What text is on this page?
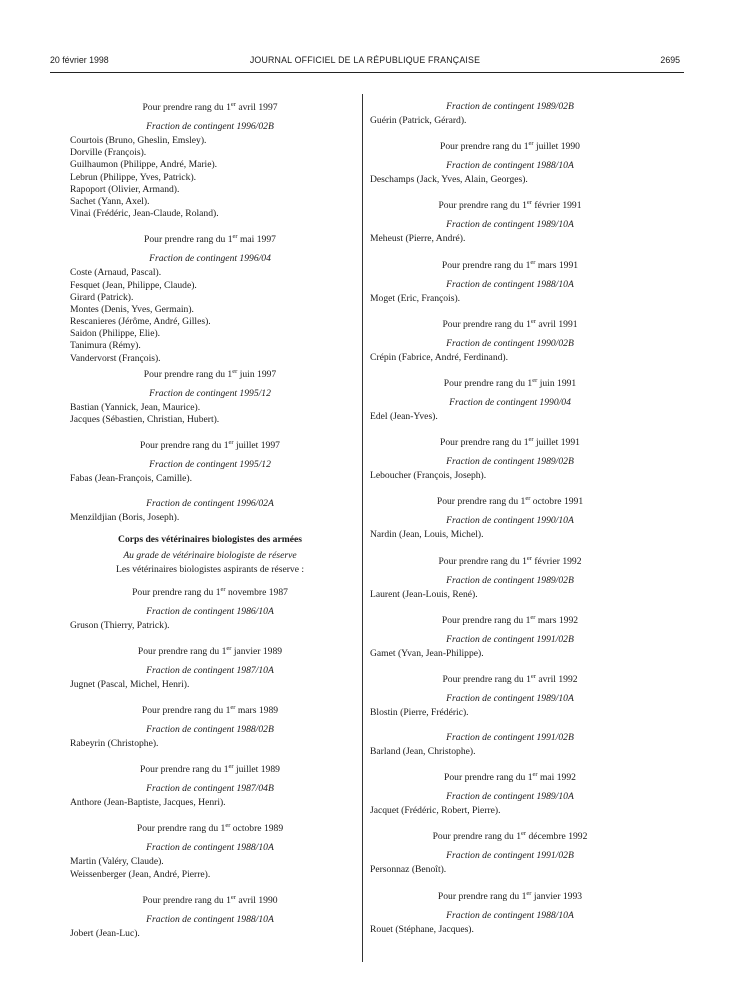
20 février 1998	JOURNAL OFFICIEL DE LA RÉPUBLIQUE FRANÇAISE	2695
Pour prendre rang du 1er avril 1997
Fraction de contingent 1996/02B
Courtois (Bruno, Gheslin, Emsley).
Dorville (François).
Guilhaumon (Philippe, André, Marie).
Lebrun (Philippe, Yves, Patrick).
Rapoport (Olivier, Armand).
Sachet (Yann, Axel).
Vinai (Frédéric, Jean-Claude, Roland).
Pour prendre rang du 1er mai 1997
Fraction de contingent 1996/04
Coste (Arnaud, Pascal).
Fesquet (Jean, Philippe, Claude).
Girard (Patrick).
Montes (Denis, Yves, Germain).
Rescanieres (Jérôme, André, Gilles).
Saidon (Philippe, Elie).
Tanimura (Rémy).
Vandervorst (François).
Pour prendre rang du 1er juin 1997
Fraction de contingent 1995/12
Bastian (Yannick, Jean, Maurice).
Jacques (Sébastien, Christian, Hubert).
Pour prendre rang du 1er juillet 1997
Fraction de contingent 1995/12
Fabas (Jean-François, Camille).
Fraction de contingent 1996/02A
Menzildjian (Boris, Joseph).
Corps des vétérinaires biologistes des armées
Au grade de vétérinaire biologiste de réserve
Les vétérinaires biologistes aspirants de réserve :
Pour prendre rang du 1er novembre 1987
Fraction de contingent 1986/10A
Gruson (Thierry, Patrick).
Pour prendre rang du 1er janvier 1989
Fraction de contingent 1987/10A
Jugnet (Pascal, Michel, Henri).
Pour prendre rang du 1er mars 1989
Fraction de contingent 1988/02B
Rabeyrin (Christophe).
Pour prendre rang du 1er juillet 1989
Fraction de contingent 1987/04B
Anthore (Jean-Baptiste, Jacques, Henri).
Pour prendre rang du 1er octobre 1989
Fraction de contingent 1988/10A
Martin (Valéry, Claude).
Weissenberger (Jean, André, Pierre).
Pour prendre rang du 1er avril 1990
Fraction de contingent 1988/10A
Jobert (Jean-Luc).
Fraction de contingent 1989/02B
Guérin (Patrick, Gérard).
Pour prendre rang du 1er juillet 1990
Fraction de contingent 1988/10A
Deschamps (Jack, Yves, Alain, Georges).
Pour prendre rang du 1er février 1991
Fraction de contingent 1989/10A
Meheust (Pierre, André).
Pour prendre rang du 1er mars 1991
Fraction de contingent 1988/10A
Moget (Eric, François).
Pour prendre rang du 1er avril 1991
Fraction de contingent 1990/02B
Crépin (Fabrice, André, Ferdinand).
Pour prendre rang du 1er juin 1991
Fraction de contingent 1990/04
Edel (Jean-Yves).
Pour prendre rang du 1er juillet 1991
Fraction de contingent 1989/02B
Leboucher (François, Joseph).
Pour prendre rang du 1er octobre 1991
Fraction de contingent 1990/10A
Nardin (Jean, Louis, Michel).
Pour prendre rang du 1er février 1992
Fraction de contingent 1989/02B
Laurent (Jean-Louis, René).
Pour prendre rang du 1er mars 1992
Fraction de contingent 1991/02B
Gamet (Yvan, Jean-Philippe).
Pour prendre rang du 1er avril 1992
Fraction de contingent 1989/10A
Blostin (Pierre, Frédéric).
Fraction de contingent 1991/02B
Barland (Jean, Christophe).
Pour prendre rang du 1er mai 1992
Fraction de contingent 1989/10A
Jacquet (Frédéric, Robert, Pierre).
Pour prendre rang du 1er décembre 1992
Fraction de contingent 1991/02B
Personnaz (Benoît).
Pour prendre rang du 1er janvier 1993
Fraction de contingent 1988/10A
Rouet (Stéphane, Jacques).
